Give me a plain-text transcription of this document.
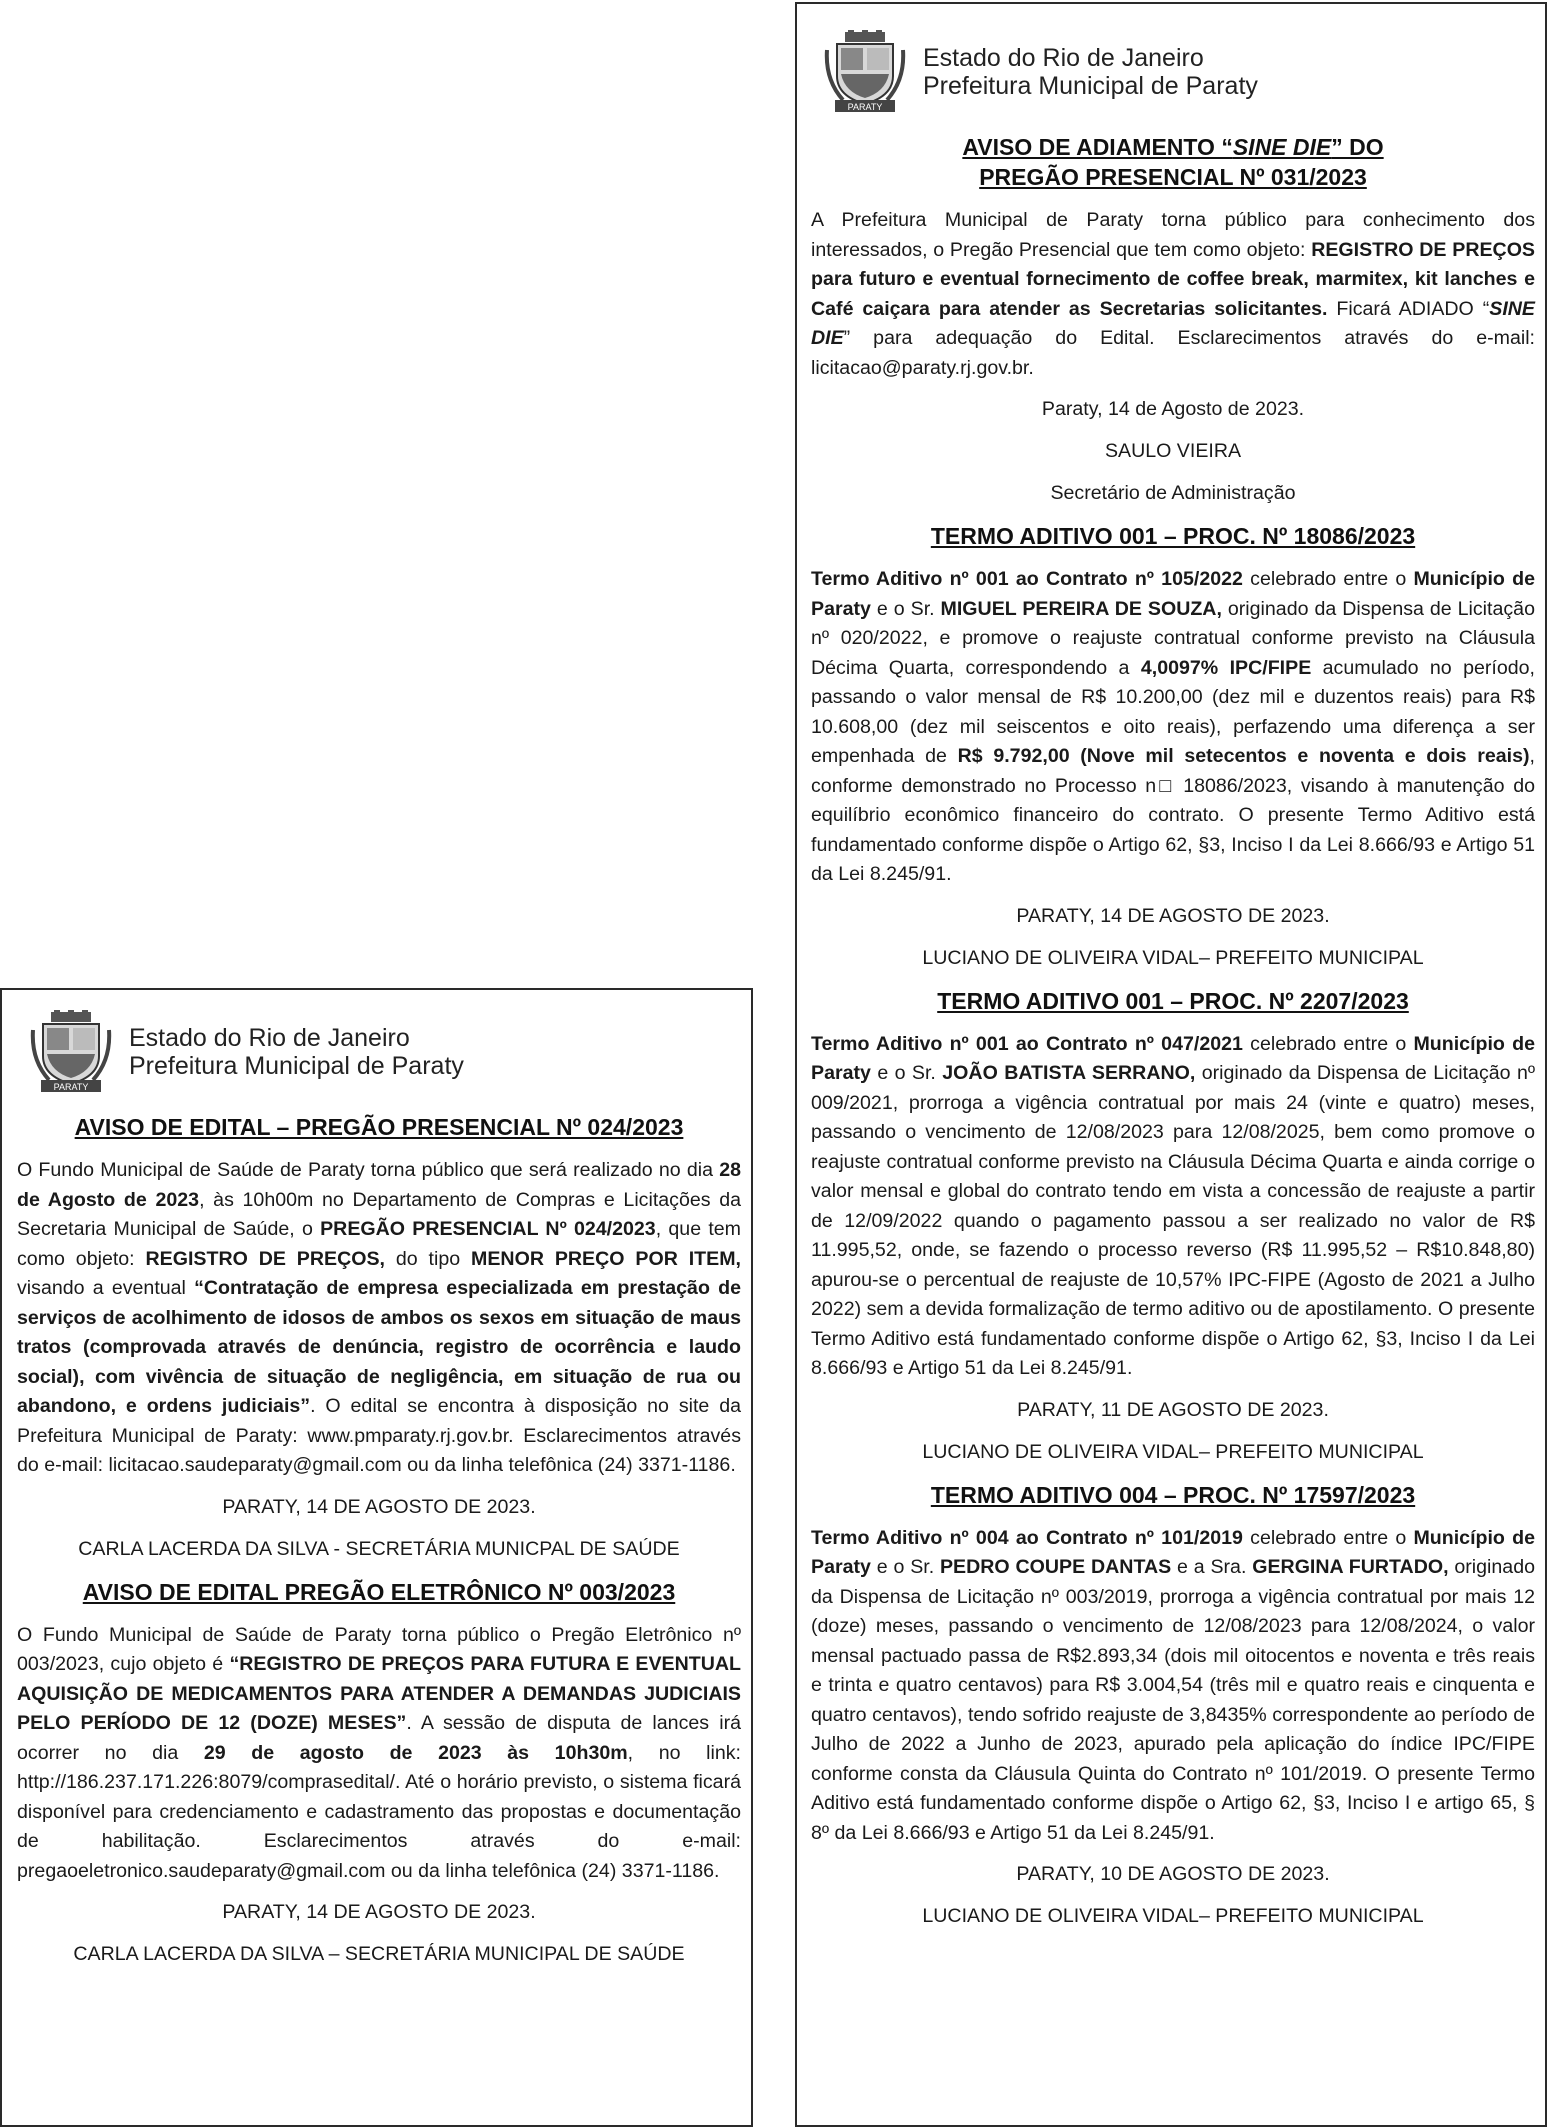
PARATY
Estado do Rio de Janeiro
Prefeitura Municipal de Paraty
AVISO DE ADIAMENTO “SINE DIE” DO
PREGÃO PRESENCIAL Nº 031/2023

A Prefeitura Municipal de Paraty torna público para conhecimento dos interessados, o Pregão Presencial que tem como objeto: REGISTRO DE PREÇOS para futuro e eventual fornecimento de coffee break, marmitex, kit lanches e Café caiçara para atender as Secretarias solicitantes. Ficará ADIADO “SINE DIE” para adequação do Edital. Esclarecimentos através do e-mail: licitacao@paraty.rj.gov.br.

Paraty, 14 de Agosto de 2023.
SAULO VIEIRA
Secretário de Administração
TERMO ADITIVO 001 – PROC. Nº 18086/2023

Termo Aditivo nº 001 ao Contrato nº 105/2022 celebrado entre o Município de Paraty e o Sr. MIGUEL PEREIRA DE SOUZA, originado da Dispensa de Licitação nº 020/2022, e promove o reajuste contratual conforme previsto na Cláusula Décima Quarta, correspondendo a 4,0097% IPC/FIPE acumulado no período, passando o valor mensal de R$ 10.200,00 (dez mil e duzentos reais) para R$ 10.608,00 (dez mil seiscentos e oito reais), perfazendo uma diferença a ser empenhada de R$ 9.792,00 (Nove mil setecentos e noventa e dois reais), conforme demonstrado no Processo n□ 18086/2023, visando à manutenção do equilíbrio econômico financeiro do contrato. O presente Termo Aditivo está fundamentado conforme dispõe o Artigo 62, §3, Inciso I da Lei 8.666/93 e Artigo 51 da Lei 8.245/91.

PARATY, 14 DE AGOSTO DE 2023.
LUCIANO DE OLIVEIRA VIDAL– PREFEITO MUNICIPAL
TERMO ADITIVO 001 – PROC. Nº 2207/2023

Termo Aditivo nº 001 ao Contrato nº 047/2021 celebrado entre o Município de Paraty e o Sr. JOÃO BATISTA SERRANO, originado da Dispensa de Licitação nº 009/2021, prorroga a vigência contratual por mais 24 (vinte e quatro) meses, passando o vencimento de 12/08/2023 para 12/08/2025, bem como promove o reajuste contratual conforme previsto na Cláusula Décima Quarta e ainda corrige o valor mensal e global do contrato tendo em vista a concessão de reajuste a partir de 12/09/2022 quando o pagamento passou a ser realizado no valor de R$ 11.995,52, onde, se fazendo o processo reverso (R$ 11.995,52 – R$10.848,80) apurou-se o percentual de reajuste de 10,57% IPC-FIPE (Agosto de 2021 a Julho 2022) sem a devida formalização de termo aditivo ou de apostilamento. O presente Termo Aditivo está fundamentado conforme dispõe o Artigo 62, §3, Inciso I da Lei 8.666/93 e Artigo 51 da Lei 8.245/91.

PARATY, 11 DE AGOSTO DE 2023.
LUCIANO DE OLIVEIRA VIDAL– PREFEITO MUNICIPAL
TERMO ADITIVO 004 – PROC. Nº 17597/2023

Termo Aditivo nº 004 ao Contrato nº 101/2019 celebrado entre o Município de Paraty e o Sr. PEDRO COUPE DANTAS e a Sra. GERGINA FURTADO, originado da Dispensa de Licitação nº 003/2019, prorroga a vigência contratual por mais 12 (doze) meses, passando o vencimento de 12/08/2023 para 12/08/2024, o valor mensal pactuado passa de R$2.893,34 (dois mil oitocentos e noventa e três reais e trinta e quatro centavos) para R$ 3.004,54 (três mil e quatro reais e cinquenta e quatro centavos), tendo sofrido reajuste de 3,8435% correspondente ao período de Julho de 2022 a Junho de 2023, apurado pela aplicação do índice IPC/FIPE conforme consta da Cláusula Quinta do Contrato nº 101/2019. O presente Termo Aditivo está fundamentado conforme dispõe o Artigo 62, §3, Inciso I e artigo 65, § 8º da Lei 8.666/93 e Artigo 51 da Lei 8.245/91.

PARATY, 10 DE AGOSTO DE 2023.
LUCIANO DE OLIVEIRA VIDAL– PREFEITO MUNICIPAL
PARATY
Estado do Rio de Janeiro
Prefeitura Municipal de Paraty
AVISO DE EDITAL – PREGÃO PRESENCIAL Nº 024/2023

O Fundo Municipal de Saúde de Paraty torna público que será realizado no dia 28 de Agosto de 2023, às 10h00m no Departamento de Compras e Licitações da Secretaria Municipal de Saúde, o PREGÃO PRESENCIAL Nº 024/2023, que tem como objeto: REGISTRO DE PREÇOS, do tipo MENOR PREÇO POR ITEM, visando a eventual “Contratação de empresa especializada em prestação de serviços de acolhimento de idosos de ambos os sexos em situação de maus tratos (comprovada através de denúncia, registro de ocorrência e laudo social), com vivência de situação de negligência, em situação de rua ou abandono, e ordens judiciais”. O edital se encontra à disposição no site da Prefeitura Municipal de Paraty: www.pmparaty.rj.gov.br. Esclarecimentos através do e-mail: licitacao.saudeparaty@gmail.com ou da linha telefônica (24) 3371-1186.

PARATY, 14 DE AGOSTO DE 2023.
CARLA LACERDA DA SILVA - SECRETÁRIA MUNICPAL DE SAÚDE
AVISO DE EDITAL PREGÃO ELETRÔNICO Nº 003/2023

O Fundo Municipal de Saúde de Paraty torna público o Pregão Eletrônico nº 003/2023, cujo objeto é “REGISTRO DE PREÇOS PARA FUTURA E EVENTUAL AQUISIÇÃO DE MEDICAMENTOS PARA ATENDER A DEMANDAS JUDICIAIS PELO PERÍODO DE 12 (DOZE) MESES”. A sessão de disputa de lances irá ocorrer no dia 29 de agosto de 2023 às 10h30m, no link: http://186.237.171.226:8079/comprasedital/. Até o horário previsto, o sistema ficará disponível para credenciamento e cadastramento das propostas e documentação de habilitação. Esclarecimentos através do e-mail: pregaoeletronico.saudeparaty@gmail.com ou da linha telefônica (24) 3371-1186.

PARATY, 14 DE AGOSTO DE 2023.
CARLA LACERDA DA SILVA – SECRETÁRIA MUNICIPAL DE SAÚDE
